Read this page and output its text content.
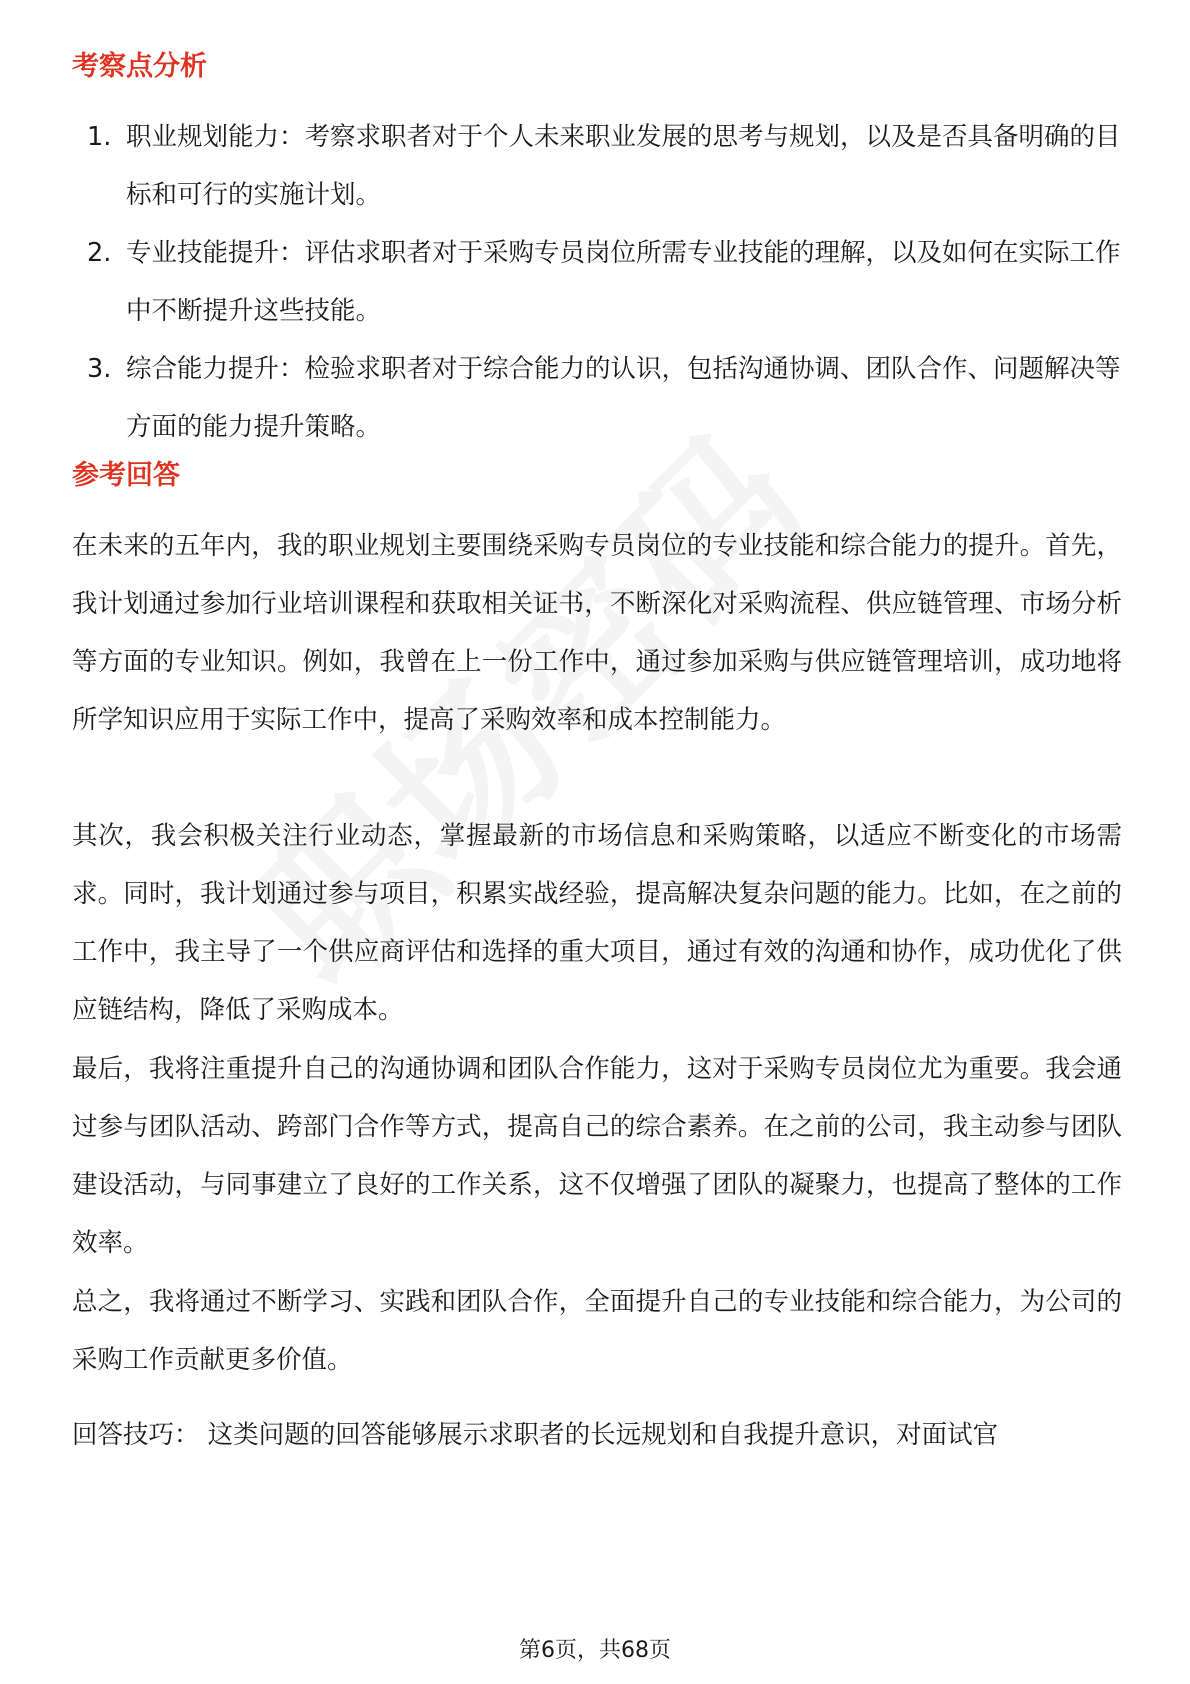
考察点分析
1. 职业规划能力：考察求职者对于个人未来职业发展的思考与规划，以及是否具备明确的目标和可行的实施计划。
2. 专业技能提升：评估求职者对于采购专员岗位所需专业技能的理解，以及如何在实际工作中不断提升这些技能。
3. 综合能力提升：检验求职者对于综合能力的认识，包括沟通协调、团队合作、问题解决等方面的能力提升策略。
参考回答

在未来的五年内，我的职业规划主要围绕采购专员岗位的专业技能和综合能力的提升。首先，我计划通过参加行业培训课程和获取相关证书，不断深化对采购流程、供应链管理、市场分析等方面的专业知识。例如，我曾在上一份工作中，通过参加采购与供应链管理培训，成功地将所学知识应用于实际工作中，提高了采购效率和成本控制能力。

其次，我会积极关注行业动态，掌握最新的市场信息和采购策略，以适应不断变化的市场需求。同时，我计划通过参与项目，积累实战经验，提高解决复杂问题的能力。比如，在之前的工作中，我主导了一个供应商评估和选择的重大项目，通过有效的沟通和协作，成功优化了供应链结构，降低了采购成本。

最后，我将注重提升自己的沟通协调和团队合作能力，这对于采购专员岗位尤为重要。我会通过参与团队活动、跨部门合作等方式，提高自己的综合素养。在之前的公司，我主动参与团队建设活动，与同事建立了良好的工作关系，这不仅增强了团队的凝聚力，也提高了整体的工作效率。

总之，我将通过不断学习、实践和团队合作，全面提升自己的专业技能和综合能力，为公司的采购工作贡献更多价值。

回答技巧： 这类问题的回答能够展示求职者的长远规划和自我提升意识，对面试官

第6页，共68页
